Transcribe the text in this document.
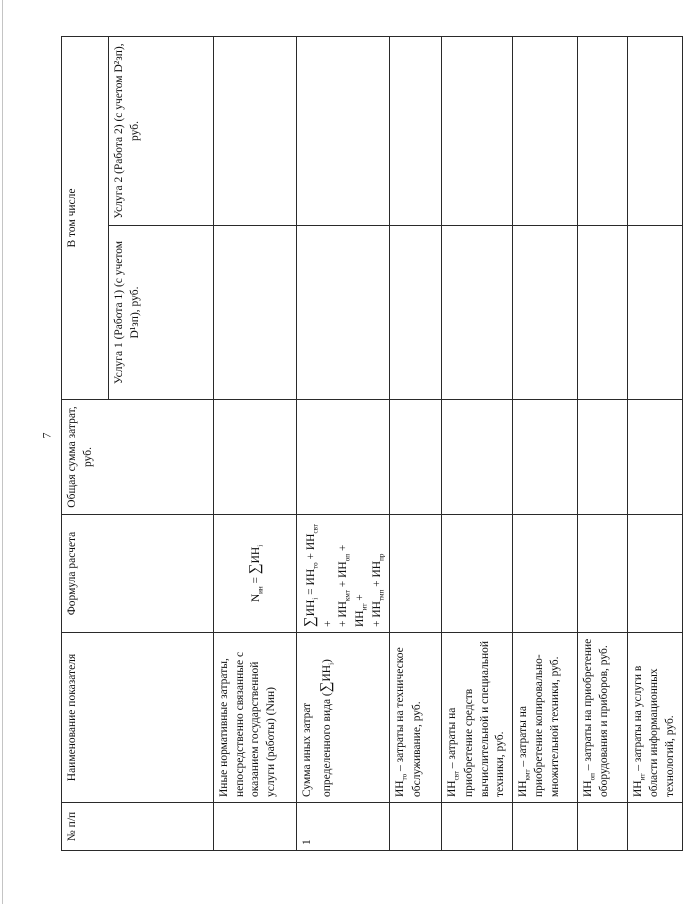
7
№ п/п	Наименование показателя	Формула расчета	Общая сумма затрат, руб.	В том числе	
				Услуга 1 (Работа 1) (с учетом D¹зп), руб.	Услуга 2 (Работа 2) (с учетом D²зп), руб.
	Иные нормативные затраты, непосредственно связанные с оказанием государственной услуги (работы) (Nин)	$N_{ин} = \sum ИН_i$			
1	Сумма иных затрат определенного вида $(\sum ИН_i)$	$\sum ИН_i = ИН_{то} + ИН_{свт}$ +
+ $ИН_{кмт} + ИН_{оп} + ИН_{ит}$ +
+ $ИН_{тмп} + ИН_{пр}$			
	$ИН_{то}$ – затраты на техническое обслуживание, руб.				
	$ИН_{свт}$ – затраты на приобретение средств вычислительной и специальной техники, руб.				
	$ИН_{кмт}$ – затраты на приобретение копировально-множительной техники, руб.				
	$ИН_{оп}$ – затраты на приобретение оборудования и приборов, руб.				
	$ИН_{ит}$ – затраты на услуги в области информационных технологий, руб.				
